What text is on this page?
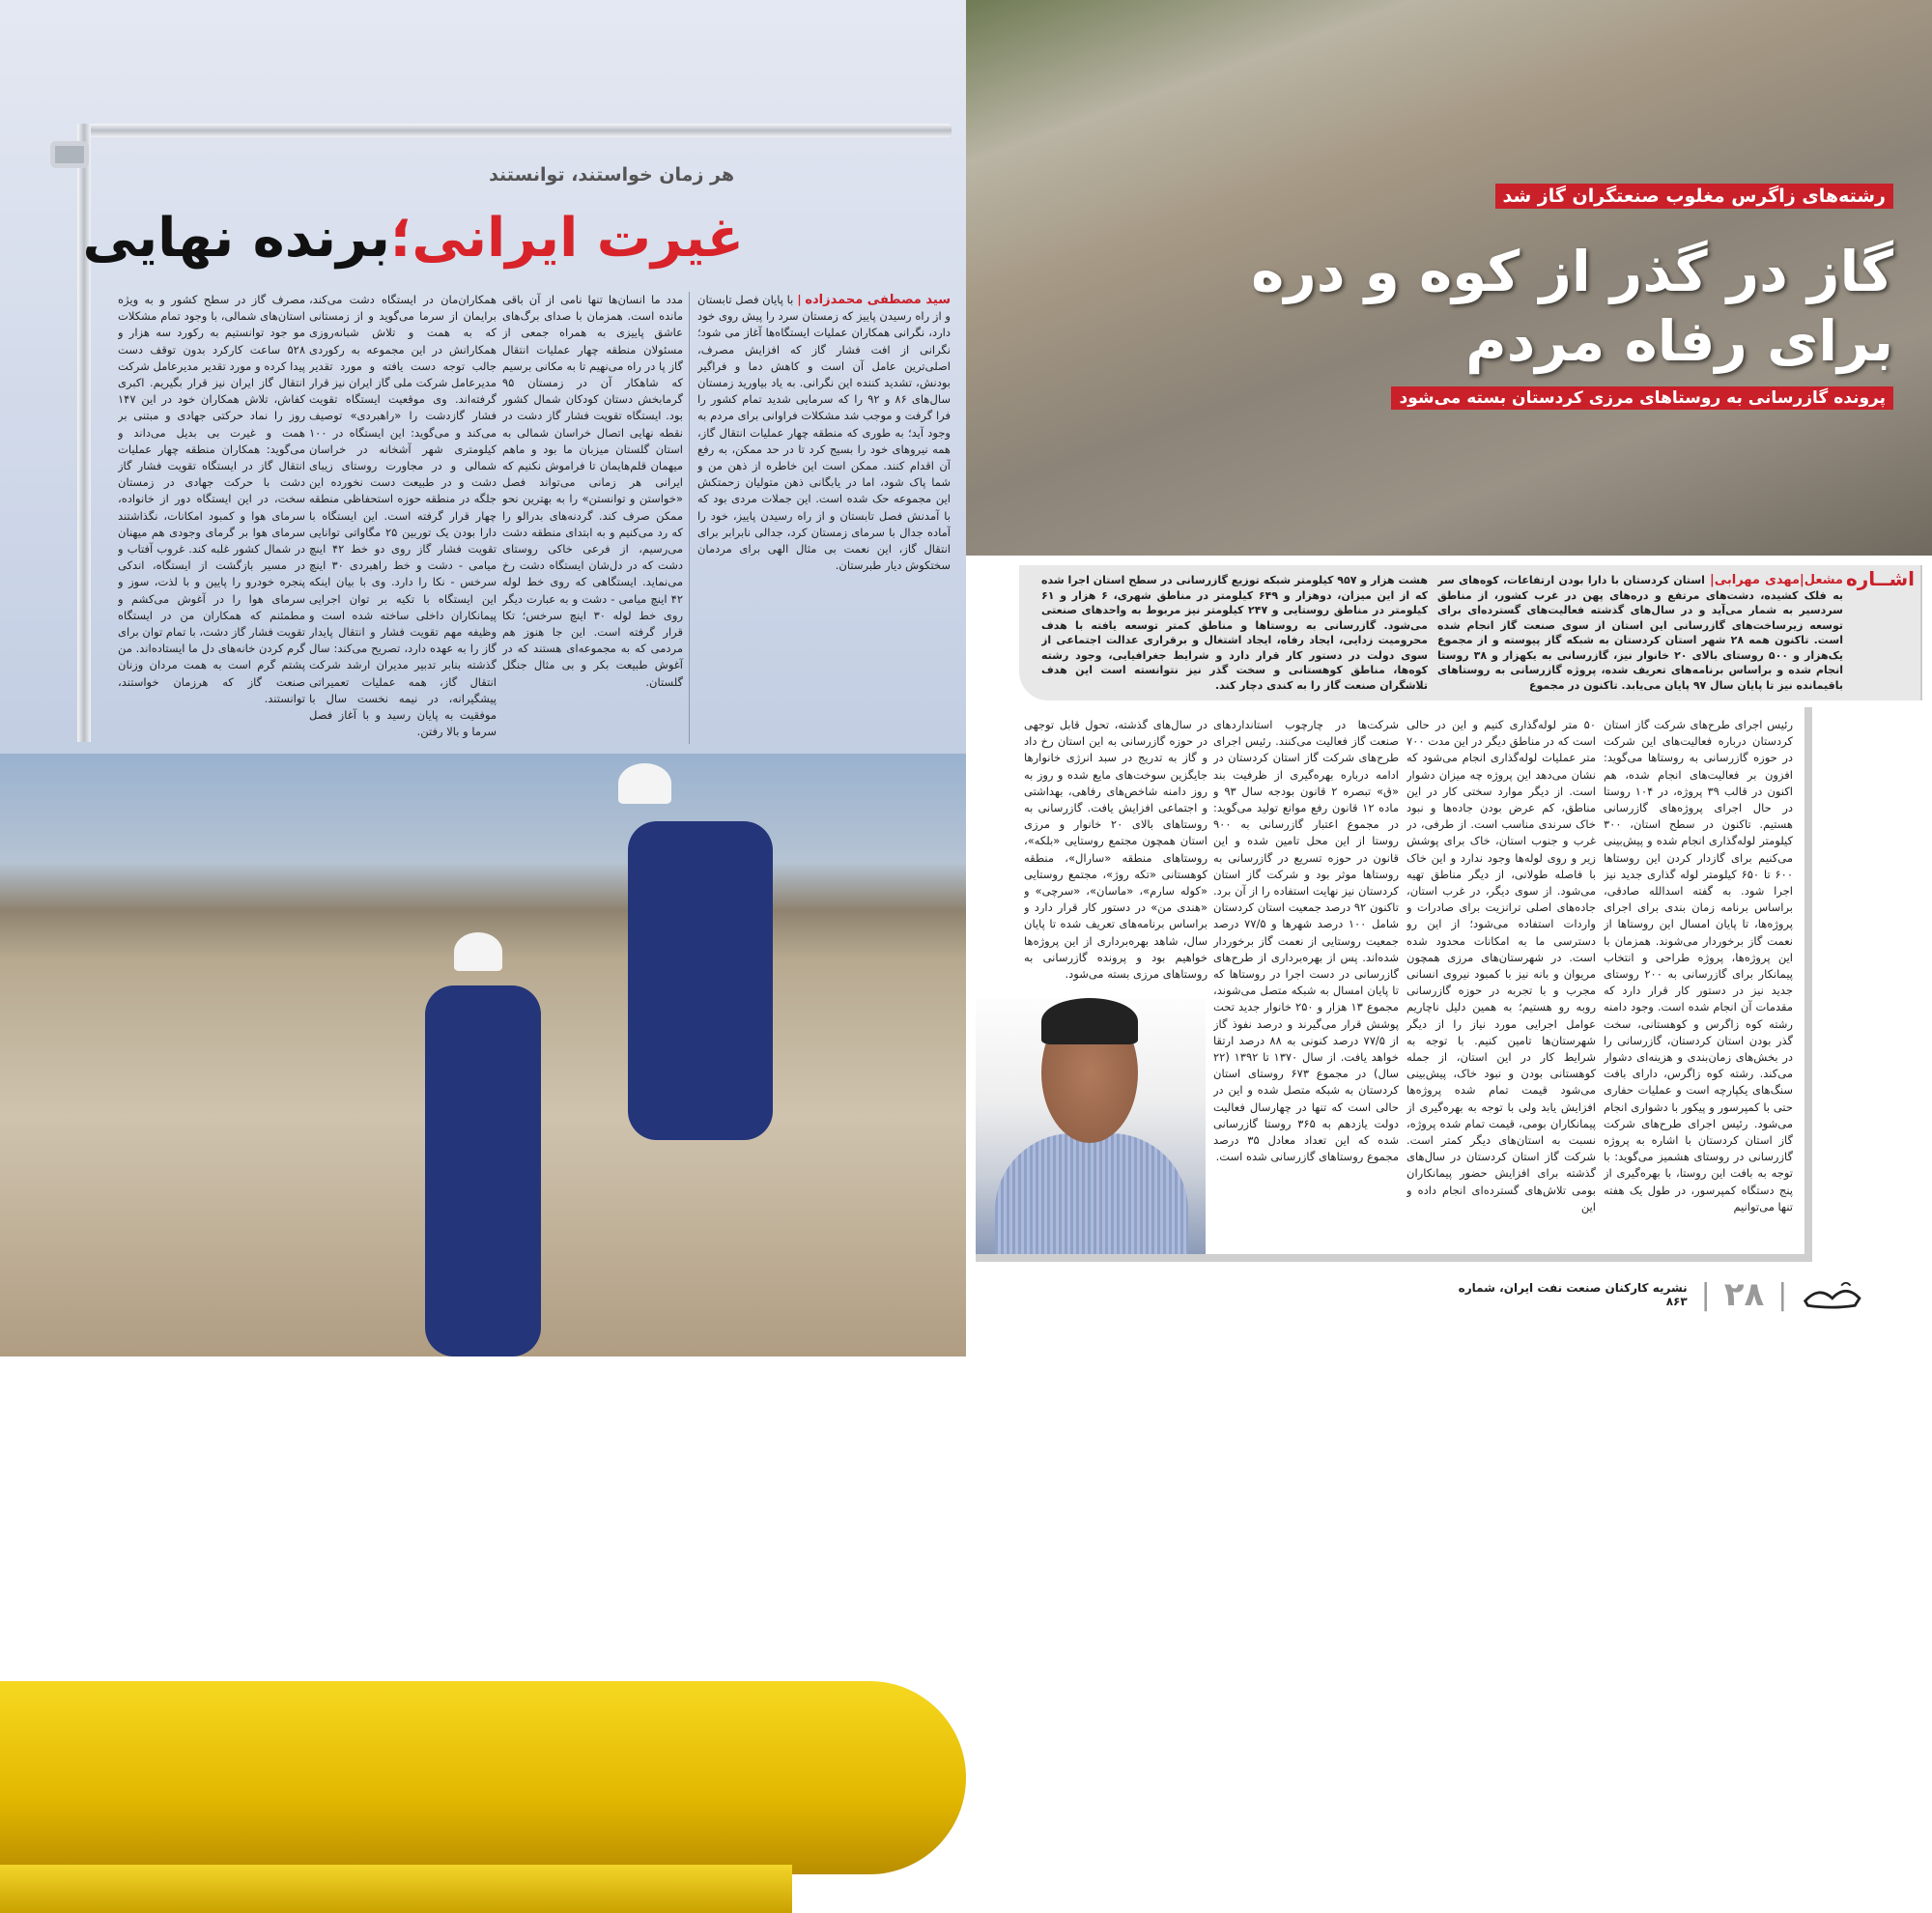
هر زمان خواستند، توانستند
غیرت ایرانی؛برنده نهایی
سید مصطفی محمدزاده | با پایان فصل تابستان و از راه رسیدن پاییز که زمستان سرد را پیش روی خود دارد، نگرانی همکاران عملیات ایستگاه‌ها آغاز می شود؛ نگرانی از افت فشار گاز که افزایش مصرف، اصلی‌ترین عامل آن است و کاهش دما و فراگیر بودنش، تشدید کننده این نگرانی. به یاد بیاورید زمستان سال‌های ۸۶ و ۹۲ را که سرمایی شدید تمام کشور را فرا گرفت و موجب شد مشکلات فراوانی برای مردم به وجود آید؛ به طوری که منطقه چهار عملیات انتقال گاز، همه نیروهای خود را بسیج کرد تا در حد ممکن، به رفع آن اقدام کنند. ممکن است این خاطره از ذهن من و شما پاک شود، اما در یابگانی ذهن متولیان زحمتکش این مجموعه حک شده است. این جملات مردی بود که با آمدنش فصل تابستان و از راه رسیدن پاییز، خود را آماده جدال با سرمای زمستان کرد، جدالی نابرابر برای انتقال گاز، این نعمت بی مثال الهی برای مردمان سختکوش دیار طبرستان.
مدد ما انسان‌ها تنها نامی از آن باقی مانده است. همزمان با صدای برگ‌های عاشق پاییزی به همراه جمعی از مسئولان منطقه چهار عملیات انتقال گاز پا در راه می‌نهیم تا به مکانی برسیم که شاهکار آن در زمستان ۹۵ گرمابخش دستان کودکان شمال کشور بود. ایستگاه تقویت فشار گاز دشت در نقطه نهایی اتصال خراسان شمالی به استان گلستان میزبان ما بود و ماهم میهمان قلم‌هایمان تا فراموش نکنیم که ایرانی هر زمانی می‌تواند فصل «خواستن و توانستن» را به بهترین نحو ممکن صرف کند. گردنه‌های بدرالو را که رد می‌کنیم و به ابتدای منطقه دشت می‌رسیم، از فرعی خاکی روستای دشت که در دل‌شان ایستگاه دشت رخ می‌نماید. ایستگاهی که روی خط لوله ۴۲ اینچ میامی - دشت و به عبارت دیگر روی خط لوله ۳۰ اینچ سرخس؛ تکا قرار گرفته است. این جا هنوز هم مردمی که به مجموعه‌ای هستند که در آغوش طبیعت بکر و بی مثال جنگل گلستان.
همکاران‌مان در ایستگاه دشت می‌کند، برایمان از سرما می‌گوید و از زمستانی که به همت و تلاش شبانه‌روزی همکارانش در این مجموعه به رکوردی جالب توجه دست یافته و مورد تقدیر مدیرعامل شرکت ملی گاز ایران نیز قرار گرفته‌اند. وی موقعیت ایستگاه تقویت فشار گازدشت را «راهبردی» توصیف می‌کند و می‌گوید: این ایستگاه در ۱۰۰ کیلومتری شهر آشخانه در خراسان شمالی و در مجاورت روستای زیبای دشت و در طبیعت دست نخورده این جلگه در منطقه حوزه استحفاظی منطقه چهار قرار گرفته است. این ایستگاه با دارا بودن یک توربین ۲۵ مگاواتی توانایی تقویت فشار گاز روی دو خط ۴۲ اینچ میامی - دشت و خط راهبردی ۳۰ اینچ سرخس - نکا را دارد. وی با بیان اینکه این ایستگاه با تکیه بر توان اجرایی پیمانکاران داخلی ساخته شده است و وظیفه مهم تقویت فشار و انتقال پایدار گاز را به عهده دارد، تصریح می‌کند: سال گذشته بنابر تدبیر مدیران ارشد شرکت انتقال گاز، همه عملیات تعمیراتی پیشگیرانه، در نیمه نخست سال با موفقیت به پایان رسید و با آغاز فصل سرما و بالا رفتن.
مصرف گاز در سطح کشور و به ویژه استان‌های شمالی، با وجود تمام مشکلات مو جود توانستیم به رکورد سه هزار و ۵۲۸ ساعت کارکرد بدون توقف دست پیدا کرده و مورد تقدیر مدیرعامل شرکت انتقال گاز ایران نیز قرار بگیریم. اکبری کفاش، تلاش همکاران خود در این ۱۴۷ روز را نماد حرکتی جهادی و مبتنی بر همت و غیرت بی بدیل می‌داند و می‌گوید: همکاران منطقه چهار عملیات انتقال گاز در ایستگاه تقویت فشار گاز دشت با حرکت جهادی در زمستان سخت، در این ایستگاه دور از خانواده، سرمای هوا و کمبود امکانات، نگذاشتند سرمای هوا بر گرمای وجودی هم میهنان در شمال کشور غلبه کند. غروب آفتاب و در مسیر بازگشت از ایستگاه، اندکی پنجره خودرو را پایین و با لذت، سوز و سرمای هوا را در آغوش می‌کشم و مطمئنم که همکاران من در ایستگاه تقویت فشار گاز دشت، با تمام توان برای گرم کردن خانه‌های دل ما ایستاده‌اند. من پشتم گرم است به همت مردان وزنان صنعت گاز که هرزمان خواستند، توانستند.
رشته‌های زاگرس مغلوب صنعتگران گاز شد
گاز در گذر از کوه و دره
برای رفاه مردم
پرونده گازرسانی به روستاهای مرزی کردستان بسته می‌شود
اشــاره
مشعل|مهدی مهرابی| استان کردستان با دارا بودن ارتفاعات، کوه‌های سر به فلک کشیده، دشت‌های مرتفع و دره‌های پهن در غرب کشور، از مناطق سردسیر به شمار می‌آید و در سال‌های گذشته فعالیت‌های گسترده‌ای برای توسعه زیرساخت‌های گازرسانی این استان از سوی صنعت گاز انجام شده است. تاکنون همه ۲۸ شهر استان کردستان به شبکه گاز پیوسته و از مجموع یک‌هزار و ۵۰۰ روستای بالای ۲۰ خانوار نیز، گازرسانی به یکهزار و ۳۸ روستا انجام شده و براساس برنامه‌های تعریف شده، پروژه گازرسانی به روستاهای باقیمانده نیز تا پایان سال ۹۷ پایان می‌یابد. تاکنون در مجموع
هشت هزار و ۹۵۷ کیلومتر شبکه توزیع گازرسانی در سطح استان اجرا شده که از این میزان، دوهزار و ۶۴۹ کیلومتر در مناطق شهری، ۶ هزار و ۶۱ کیلومتر در مناطق روستایی و ۲۴۷ کیلومتر نیز مربوط به واحدهای صنعتی می‌شود. گازرسانی به روستاها و مناطق کمتر توسعه یافته با هدف محرومیت زدایی، ایجاد رفاه، ایجاد اشتغال و برقراری عدالت اجتماعی از سوی دولت در دستور کار قرار دارد و شرایط جغرافیایی، وجود رشته کوه‌ها، مناطق کوهستانی و سخت گذر نیز نتوانسته است این هدف تلاشگران صنعت گاز را به کندی دچار کند.
رئیس اجرای طرح‌های شرکت گاز استان کردستان درباره فعالیت‌های این شرکت در حوزه گازرسانی به روستاها می‌گوید: افزون بر فعالیت‌های انجام شده، هم اکنون در قالب ۳۹ پروژه، در ۱۰۴ روستا در حال اجرای پروژه‌های گازرسانی هستیم. تاکنون در سطح استان، ۳۰۰ کیلومتر لوله‌گذاری انجام شده و پیش‌بینی می‌کنیم برای گازدار کردن این روستاها ۶۰۰ تا ۶۵۰ کیلومتر لوله گذاری جدید نیز اجرا شود. به گفته اسدالله صادقی، براساس برنامه زمان بندی برای اجرای پروژه‌ها، تا پایان امسال این روستاها از نعمت گاز برخوردار می‌شوند. همزمان با این پروژه‌ها، پروژه طراحی و انتخاب پیمانکار برای گازرسانی به ۲۰۰ روستای جدید نیز در دستور کار قرار دارد که مقدمات آن انجام شده است. وجود دامنه رشته کوه زاگرس و کوهستانی، سخت گذر بودن استان کردستان، گازرسانی را در بخش‌های زمان‌بندی و هزینه‌ای دشوار می‌کند. رشته کوه زاگرس، دارای بافت سنگ‌های یکپارچه است و عملیات حفاری حتی با کمپرسور و پیکور با دشواری انجام می‌شود. رئیس اجرای طرح‌های شرکت گاز استان کردستان با اشاره به پروژه گازرسانی در روستای هشمیز می‌گوید: با توجه به بافت این روستا، با بهره‌گیری از پنج دستگاه کمپرسور، در طول یک هفته تنها می‌توانیم
۵۰ متر لوله‌گذاری کنیم و این در حالی است که در مناطق دیگر در این مدت ۷۰۰ متر عملیات لوله‌گذاری انجام می‌شود که نشان می‌دهد این پروژه چه میزان دشوار است. از دیگر موارد سختی کار در این مناطق، کم عرض بودن جاده‌ها و نبود خاک سرندی مناسب است. از طرفی، در غرب و جنوب استان، خاک برای پوشش زیر و روی لوله‌ها وجود ندارد و این خاک با فاصله طولانی، از دیگر مناطق تهیه می‌شود. از سوی دیگر، در غرب استان، جاده‌های اصلی ترانزیت برای صادرات و واردات استفاده می‌شود؛ از این رو دسترسی ما به امکانات محدود شده است. در شهرستان‌های مرزی همچون مریوان و بانه نیز با کمبود نیروی انسانی مجرب و با تجربه در حوزه گازرسانی روبه رو هستیم؛ به همین دلیل ناچاریم عوامل اجرایی مورد نیاز را از دیگر شهرستان‌ها تامین کنیم. با توجه به شرایط کار در این استان، از جمله کوهستانی بودن و نبود خاک، پیش‌بینی می‌شود قیمت تمام شده پروژه‌ها افزایش یابد ولی با توجه به بهره‌گیری از پیمانکاران بومی، قیمت تمام شده پروژه، نسبت به استان‌های دیگر کمتر است. شرکت گاز استان کردستان در سال‌های گذشته برای افزایش حضور پیمانکاران بومی تلاش‌های گسترده‌ای انجام داده و این
شرکت‌ها در چارچوب استانداردهای صنعت گاز فعالیت می‌کنند. رئیس اجرای طرح‌های شرکت گاز استان کردستان در ادامه درباره بهره‌گیری از ظرفیت بند «ق» تبصره ۲ قانون بودجه سال ۹۳ و ماده ۱۲ قانون رفع موانع تولید می‌گوید: در مجموع اعتبار گازرسانی به ۹۰۰ روستا از این محل تامین شده و این قانون در حوزه تسریع در گازرسانی به روستاها موثر بود و شرکت گاز استان کردستان نیز نهایت استفاده را از آن برد. تاکنون ۹۲ درصد جمعیت استان کردستان شامل ۱۰۰ درصد شهرها و ۷۷/۵ درصد جمعیت روستایی از نعمت گاز برخوردار شده‌اند. پس از بهره‌برداری از طرح‌های گازرسانی در دست اجرا در روستاها که تا پایان امسال به شبکه متصل می‌شوند، مجموع ۱۳ هزار و ۲۵۰ خانوار جدید تحت پوشش قرار می‌گیرند و درصد نفوذ گاز از ۷۷/۵ درصد کنونی به ۸۸ درصد ارتقا خواهد یافت. از سال ۱۳۷۰ تا ۱۳۹۲ (۲۲ سال) در مجموع ۶۷۳ روستای استان کردستان به شبکه متصل شده و این در حالی است که تنها در چهارسال فعالیت دولت یازدهم به ۳۶۵ روستا گازرسانی شده که این تعداد معادل ۳۵ درصد مجموع روستاهای گازرسانی شده است.
در سال‌های گذشته، تحول قابل توجهی در حوزه گازرسانی به این استان رخ داد و گاز به تدریج در سبد انرژی خانوارها جایگزین سوخت‌های مایع شده و روز به روز دامنه شاخص‌های رفاهی، بهداشتی و اجتماعی افزایش یافت. گازرسانی به روستاهای بالای ۲۰ خانوار و مرزی استان همچون مجتمع روستایی «بلکه»، روستاهای منطقه «سارال»، منطقه کوهستانی «تکه روژ»، مجتمع روستایی «کوله سارم»، «ماسان»، «سرچی» و «هندی من» در دستور کار قرار دارد و براساس برنامه‌های تعریف شده تا پایان سال، شاهد بهره‌برداری از این پروژه‌ها خواهیم بود و پرونده گازرسانی به روستاهای مرزی بسته می‌شود.
|
۲۸
|
نشریه کارکنان صنعت نفت ایران، شماره ۸۶۳
